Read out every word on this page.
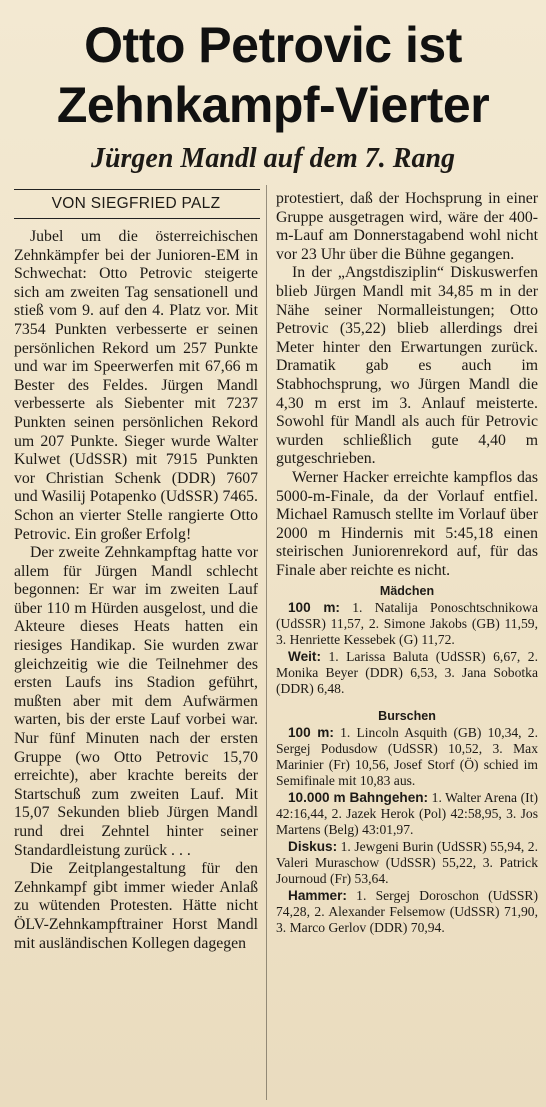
Otto Petrovic ist
Zehnkampf-Vierter
Jürgen Mandl auf dem 7. Rang
VON SIEGFRIED PALZ

Jubel um die österreichischen Zehnkämpfer bei der Junioren-EM in Schwechat: Otto Petrovic steigerte sich am zweiten Tag sensationell und stieß vom 9. auf den 4. Platz vor. Mit 7354 Punkten verbesserte er seinen persönlichen Rekord um 257 Punkte und war im Speerwerfen mit 67,66 m Bester des Feldes. Jürgen Mandl verbesserte als Siebenter mit 7237 Punkten seinen persönlichen Rekord um 207 Punkte. Sieger wurde Walter Kulwet (UdSSR) mit 7915 Punkten vor Christian Schenk (DDR) 7607 und Wasilij Potapenko (UdSSR) 7465. Schon an vierter Stelle rangierte Otto Petrovic. Ein großer Erfolg!

Der zweite Zehnkampftag hatte vor allem für Jürgen Mandl schlecht begonnen: Er war im zweiten Lauf über 110 m Hürden ausgelost, und die Akteure dieses Heats hatten ein riesiges Handikap. Sie wurden zwar gleichzeitig wie die Teilnehmer des ersten Laufs ins Stadion geführt, mußten aber mit dem Aufwärmen warten, bis der erste Lauf vorbei war. Nur fünf Minuten nach der ersten Gruppe (wo Otto Petrovic 15,70 erreichte), aber krachte bereits der Startschuß zum zweiten Lauf. Mit 15,07 Sekunden blieb Jürgen Mandl rund drei Zehntel hinter seiner Standardleistung zurück . . .

Die Zeitplangestaltung für den Zehnkampf gibt immer wieder Anlaß zu wütenden Protesten. Hätte nicht ÖLV-Zehnkampftrainer Horst Mandl mit ausländischen Kollegen dagegen

protestiert, daß der Hochsprung in einer Gruppe ausgetragen wird, wäre der 400-m-Lauf am Donnerstagabend wohl nicht vor 23 Uhr über die Bühne gegangen.

In der „Angstdisziplin“ Diskuswerfen blieb Jürgen Mandl mit 34,85 m in der Nähe seiner Normalleistungen; Otto Petrovic (35,22) blieb allerdings drei Meter hinter den Erwartungen zurück. Dramatik gab es auch im Stabhochsprung, wo Jürgen Mandl die 4,30 m erst im 3. Anlauf meisterte. Sowohl für Mandl als auch für Petrovic wurden schließlich gute 4,40 m gutgeschrieben.

Werner Hacker erreichte kampflos das 5000-m-Finale, da der Vorlauf entfiel. Michael Ramusch stellte im Vorlauf über 2000 m Hindernis mit 5:45,18 einen steirischen Juniorenrekord auf, für das Finale aber reichte es nicht.

Mädchen

100 m: 1. Natalija Ponoschtschnikowa (UdSSR) 11,57, 2. Simone Jakobs (GB) 11,59, 3. Henriette Kessebek (G) 11,72.

Weit: 1. Larissa Baluta (UdSSR) 6,67, 2. Monika Beyer (DDR) 6,53, 3. Jana Sobotka (DDR) 6,48.

Burschen

100 m: 1. Lincoln Asquith (GB) 10,34, 2. Sergej Podusdow (UdSSR) 10,52, 3. Max Marinier (Fr) 10,56, Josef Storf (Ö) schied im Semifinale mit 10,83 aus.

10.000 m Bahngehen: 1. Walter Arena (It) 42:16,44, 2. Jazek Herok (Pol) 42:58,95, 3. Jos Martens (Belg) 43:01,97.

Diskus: 1. Jewgeni Burin (UdSSR) 55,94, 2. Valeri Muraschow (UdSSR) 55,22, 3. Patrick Journoud (Fr) 53,64.

Hammer: 1. Sergej Doroschon (UdSSR) 74,28, 2. Alexander Felsemow (UdSSR) 71,90, 3. Marco Gerlov (DDR) 70,94.
